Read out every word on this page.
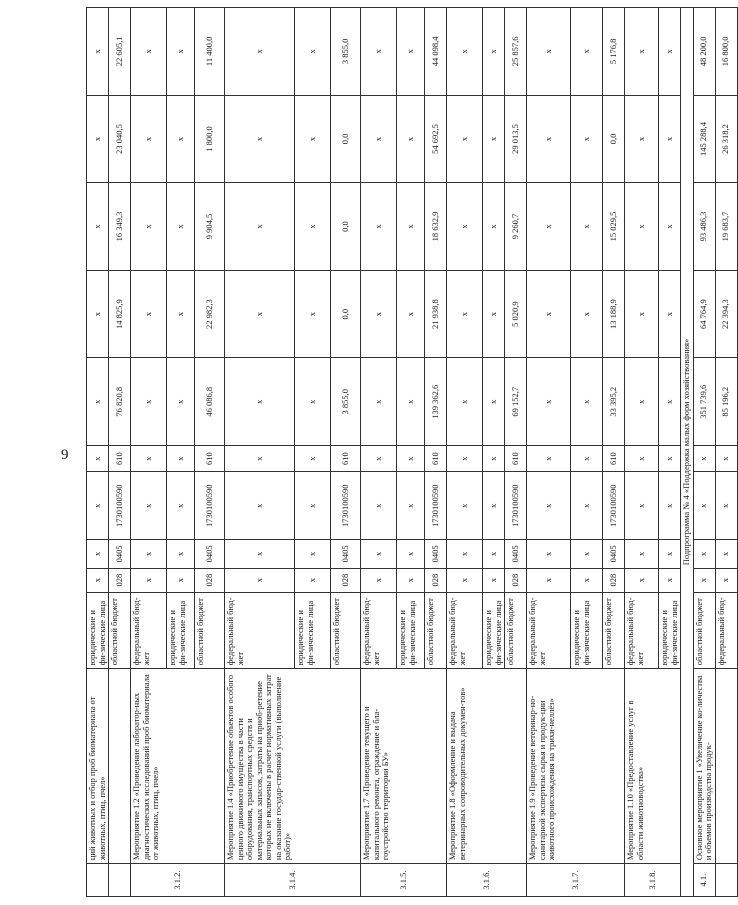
9
	ций животных и отбор проб биоматериала от животных, птиц, пчел»	юридические и фи-зические лица	x	x	x	x	x	x	x	x	x
		областной бюджет	028	0405	1730100590	610	76 820,8	14 825,9	16 349,3	23 040,5	22 605,1
3.1.2.	Мероприятие 1.2 «Проведение лаборатор-ных диагностических исследований проб биоматериала от животных, птиц, пчел»	федеральный бюд-жет	x	x	x	x	x	x	x	x	x
		юридические и фи-зические лица	x	x	x	x	x	x	x	x	x
		областной бюджет	028	0405	1730100590	610	46 086,8	22 982,3	9 904,5	1 800,0	11 400,0
3.1.4.	Мероприятие 1.4 «Приобретение объектов особого ценного движимого имущества в части оборудования, транспортных средств и материальных запасов, затраты на приоб-ретение которых не включены в расчет нормативных затрат на оказание государ-ственной услуги (выполнение работ)»	федеральный бюд-жет	x	x	x	x	x	x	x	x	x
		юридические и фи-зические лица	x	x	x	x	x	x	x	x	x
		областной бюджет	028	0405	1730100590	610	3 855,0	0,0	0,0	0,0	3 855,0
3.1.5.	Мероприятие 1.7 «Проведение текущего и капитального ремонта, ограждение и бла-гоустройство территории БУ»	федеральный бюд-жет	x	x	x	x	x	x	x	x	x
		юридические и фи-зические лица	x	x	x	x	x	x	x	x	x
		областной бюджет	028	0405	1730100590	610	139 362,6	21 938,8	18 632,9	54 692,5	44 098,4
3.1.6.	Мероприятие 1.8 «Оформление и выдача ветеринарных сопроводительных докумен-тов»	федеральный бюд-жет	x	x	x	x	x	x	x	x	x
		юридические и фи-зические лица	x	x	x	x	x	x	x	x	x
		областной бюджет	028	0405	1730100590	610	69 152,7	5 020,9	9 260,7	29 013,5	25 857,6
3.1.7.	Мероприятие 1.9 «Проведение ветеринар-но-санитарной экспертизы сырья и продук-ции животного происхождения на трихи-неллёз»	федеральный бюд-жет	x	x	x	x	x	x	x	x	x
		юридические и фи-зические лица	x	x	x	x	x	x	x	x	x
		областной бюджет	028	0405	1730100590	610	33 395,2	13 188,9	15 029,5	0,0	5 176,8
3.1.8.	Мероприятие 1.10 «Предоставление услуг в области животноводства»	федеральный бюд-жет	x	x	x	x	x	x	x	x	x
		юридические и фи-зические лица	x	x	x	x	x	x	x	x	x
Подпрограмма № 4 «Поддержка малых форм хозяйствования»											
4.1.	Основное мероприятие 1 «Увеличение ко-личества и объемов производства продук-	областной бюджет	x	x	x	x	351 739,6	64 764,9	93 486,3	145 288,4	48 200,0
		федеральный бюд-	x	x	x	x	85 196,2	22 394,3	19 683,7	26 318,2	16 800,0
